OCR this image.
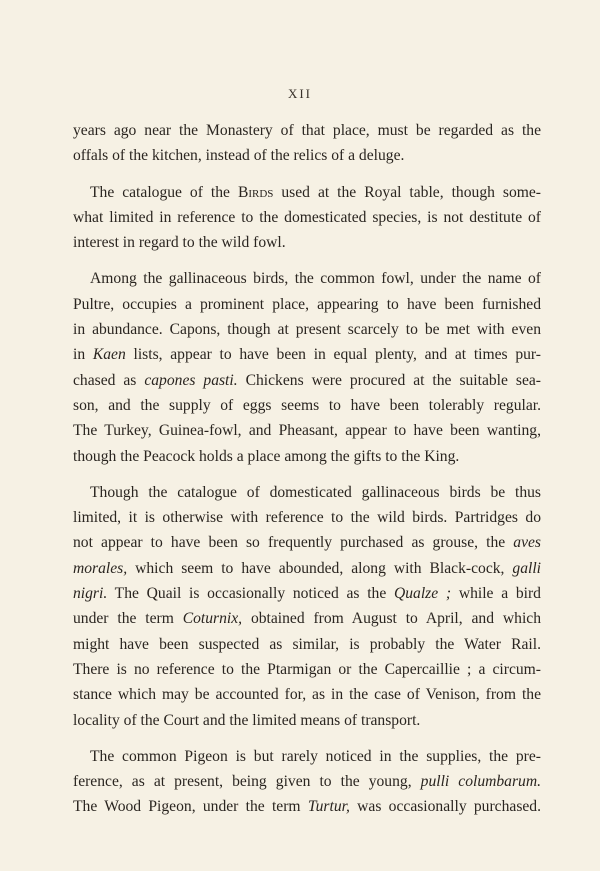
XII
years ago near the Monastery of that place, must be regarded as the
offals of the kitchen, instead of the relics of a deluge.
The catalogue of the Birds used at the Royal table, though some-
what limited in reference to the domesticated species, is not destitute of
interest in regard to the wild fowl.
Among the gallinaceous birds, the common fowl, under the name of
Pultre, occupies a prominent place, appearing to have been furnished
in abundance. Capons, though at present scarcely to be met with even
in Kaen lists, appear to have been in equal plenty, and at times pur-
chased as capones pasti. Chickens were procured at the suitable sea-
son, and the supply of eggs seems to have been tolerably regular.
The Turkey, Guinea-fowl, and Pheasant, appear to have been wanting,
though the Peacock holds a place among the gifts to the King.
Though the catalogue of domesticated gallinaceous birds be thus
limited, it is otherwise with reference to the wild birds. Partridges do
not appear to have been so frequently purchased as grouse, the aves
morales, which seem to have abounded, along with Black-cock, galli
nigri. The Quail is occasionally noticed as the Qualze ; while a bird
under the term Coturnix, obtained from August to April, and which
might have been suspected as similar, is probably the Water Rail.
There is no reference to the Ptarmigan or the Capercaillie ; a circum-
stance which may be accounted for, as in the case of Venison, from the
locality of the Court and the limited means of transport.
The common Pigeon is but rarely noticed in the supplies, the pre-
ference, as at present, being given to the young, pulli columbarum.
The Wood Pigeon, under the term Turtur, was occasionally purchased.
